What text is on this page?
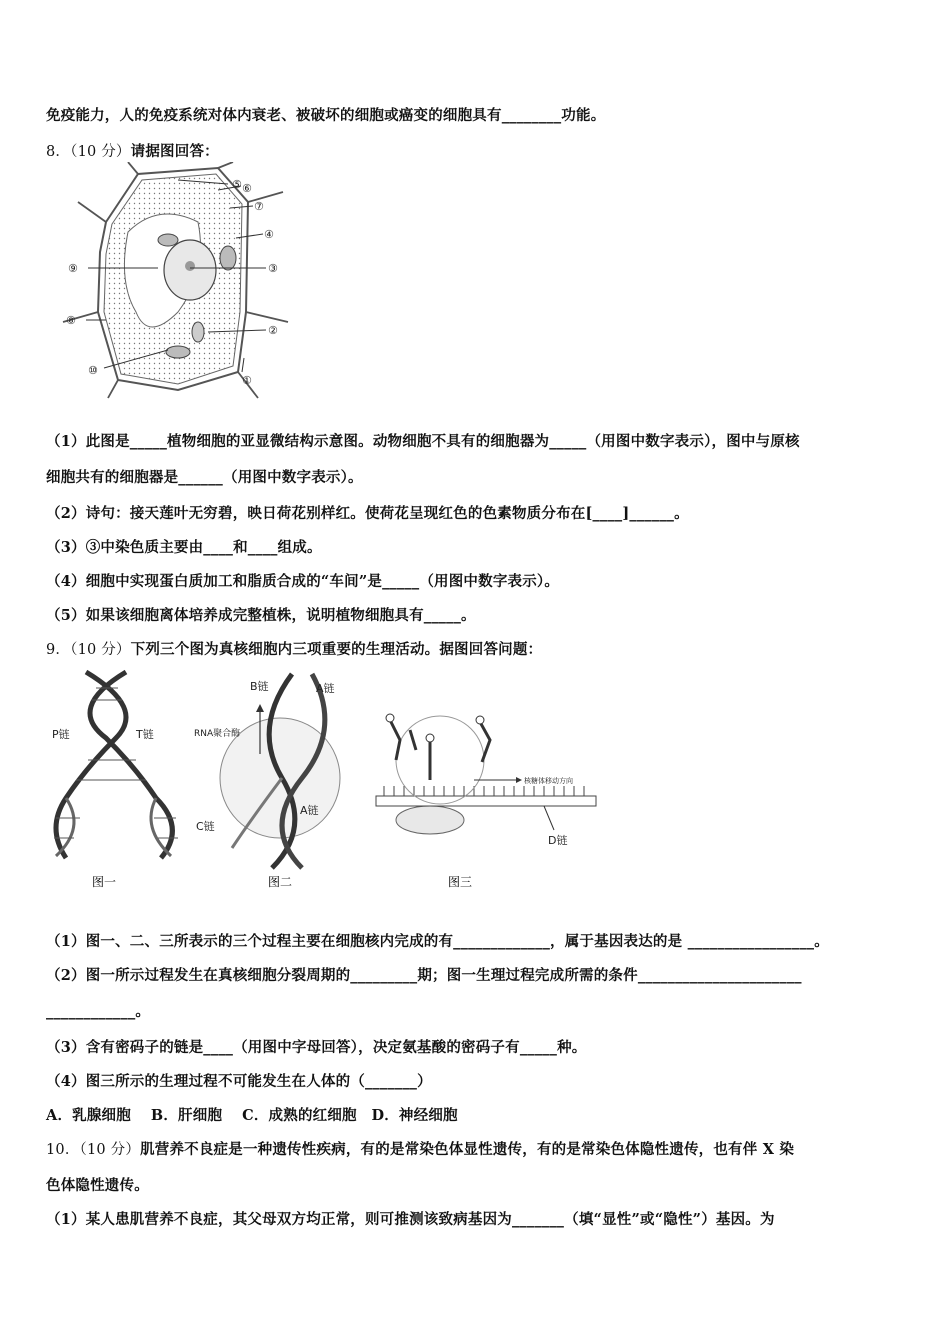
免疫能力，人的免疫系统对体内衰老、被破坏的细胞或癌变的细胞具有________功能。
8．（10 分）请据图回答：
⑤ ⑥
⑦
④
③
②
①
⑨
⑧
⑩
（1）此图是_____植物细胞的亚显微结构示意图。动物细胞不具有的细胞器为_____（用图中数字表示），图中与原核
细胞共有的细胞器是______（用图中数字表示）。
（2）诗句：接天莲叶无穷碧，映日荷花别样红。使荷花呈现红色的色素物质分布在[____]______。
（3）③中染色质主要由____和____组成。
（4）细胞中实现蛋白质加工和脂质合成的“车间”是_____（用图中数字表示）。
（5）如果该细胞离体培养成完整植株，说明植物细胞具有_____。
9．（10 分）下列三个图为真核细胞内三项重要的生理活动。据图回答问题：
P链	T链
图一
B链	A链
RNA聚合酶
C链
A链
图二
核糖体移动方向
D链
图三
（1）图一、二、三所表示的三个过程主要在细胞核内完成的有_____________，属于基因表达的是 _________________。
（2）图一所示过程发生在真核细胞分裂周期的_________期；图一生理过程完成所需的条件______________________
____________。
（3）含有密码子的链是____（用图中字母回答），决定氨基酸的密码子有_____种。
（4）图三所示的生理过程不可能发生在人体的（_______）
A．乳腺细胞　 B．肝细胞　 C．成熟的红细胞　D．神经细胞
10．（10 分）肌营养不良症是一种遗传性疾病，有的是常染色体显性遗传，有的是常染色体隐性遗传，也有伴 X 染
色体隐性遗传。
（1）某人患肌营养不良症，其父母双方均正常，则可推测该致病基因为_______（填“显性”或“隐性”）基因。为
